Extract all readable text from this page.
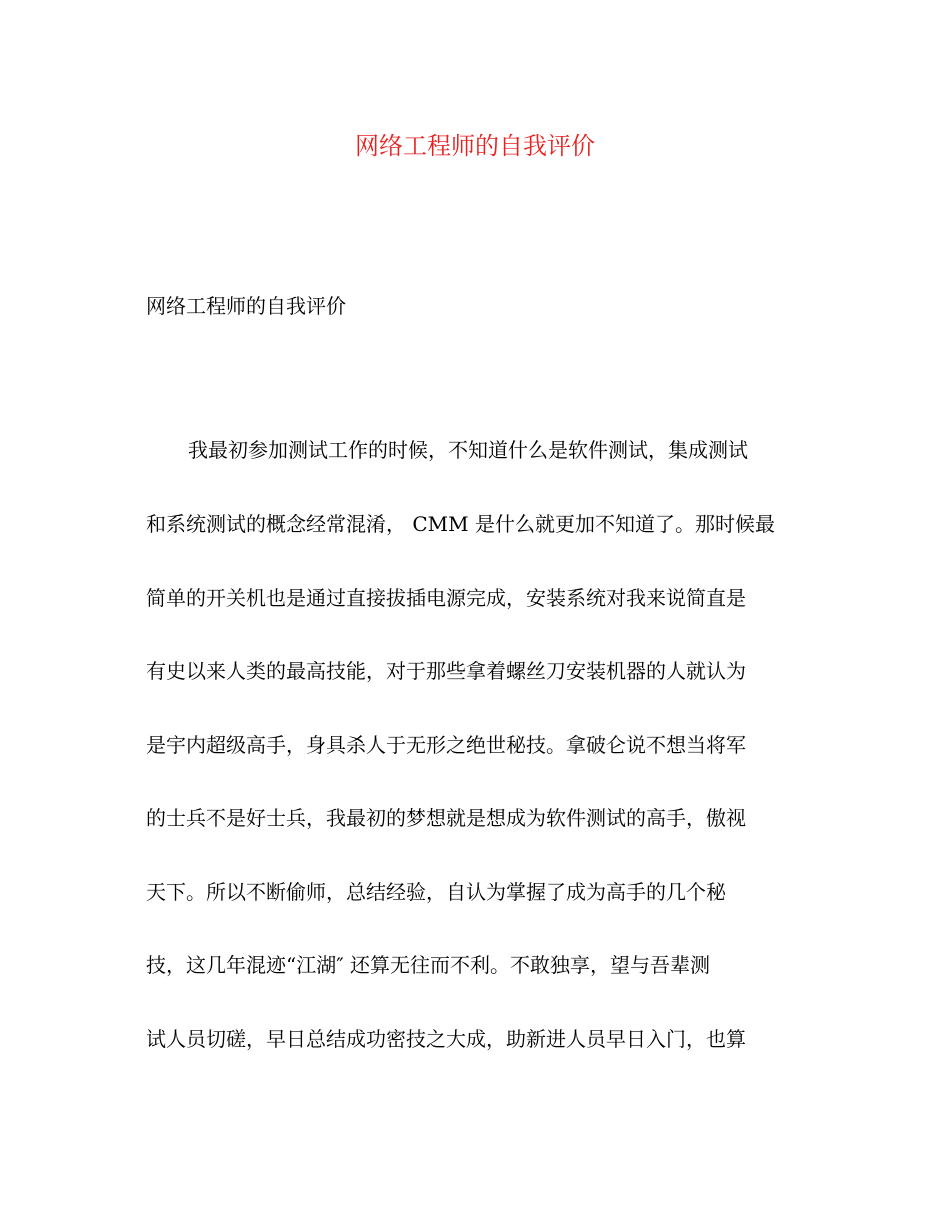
网络工程师的自我评价
网络工程师的自我评价
我最初参加测试工作的时候，不知道什么是软件测试，集成测试
和系统测试的概念经常混淆， CMM 是什么就更加不知道了。那时候最
简单的开关机也是通过直接拔插电源完成，安装系统对我来说简直是
有史以来人类的最高技能，对于那些拿着螺丝刀安装机器的人就认为
是宇内超级高手，身具杀人于无形之绝世秘技。拿破仑说不想当将军
的士兵不是好士兵，我最初的梦想就是想成为软件测试的高手，傲视
天下。所以不断偷师，总结经验，自认为掌握了成为高手的几个秘
技，这几年混迹“江湖″ 还算无往而不利。不敢独享，望与吾辈测
试人员切磋，早日总结成功密技之大成，助新进人员早日入门，也算
